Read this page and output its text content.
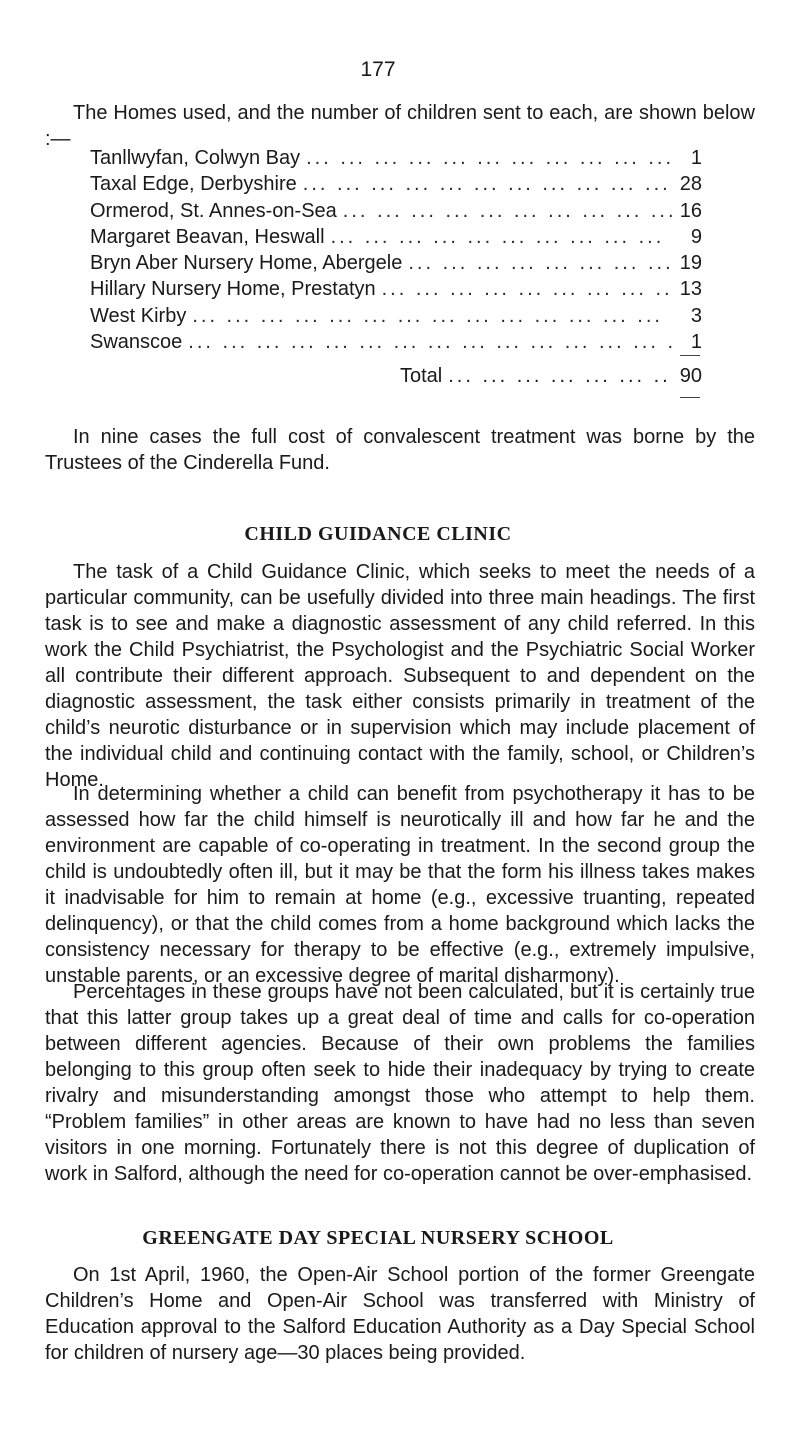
177
The Homes used, and the number of children sent to each, are shown below :—
Tanllwyfan, Colwyn Bay ... .	1
Taxal Edge, Derbyshire ... .	28
Ormerod, St. Annes-on-Sea ... .	16
Margaret Beavan, Heswall ... .	9
Bryn Aber Nursery Home, Abergele ... .	19
Hillary Nursery Home, Prestatyn ... .	13
West Kirby ... .	3
Swanscoe ... .	1
Total ... .	90
In nine cases the full cost of convalescent treatment was borne by the Trustees of the Cinderella Fund.
CHILD GUIDANCE CLINIC
The task of a Child Guidance Clinic, which seeks to meet the needs of a particular community, can be usefully divided into three main headings. The first task is to see and make a diagnostic assessment of any child referred. In this work the Child Psychiatrist, the Psychologist and the Psychiatric Social Worker all contribute their different approach. Subsequent to and dependent on the diagnostic assessment, the task either consists primarily in treatment of the child’s neurotic disturbance or in supervision which may include placement of the individual child and continuing contact with the family, school, or Children’s Home.
In determining whether a child can benefit from psychotherapy it has to be assessed how far the child himself is neurotically ill and how far he and the environment are capable of co-operating in treatment. In the second group the child is undoubtedly often ill, but it may be that the form his illness takes makes it inadvisable for him to remain at home (e.g., excessive truanting, repeated delinquency), or that the child comes from a home background which lacks the consistency necessary for therapy to be effective (e.g., extremely impulsive, unstable parents, or an excessive degree of marital disharmony).
Percentages in these groups have not been calculated, but it is certainly true that this latter group takes up a great deal of time and calls for co-operation between different agencies. Because of their own problems the families belonging to this group often seek to hide their inadequacy by trying to create rivalry and misunderstanding amongst those who attempt to help them. “Problem families” in other areas are known to have had no less than seven visitors in one morning. Fortunately there is not this degree of duplication of work in Salford, although the need for co-operation cannot be over-emphasised.
GREENGATE DAY SPECIAL NURSERY SCHOOL
On 1st April, 1960, the Open-Air School portion of the former Greengate Children’s Home and Open-Air School was transferred with Ministry of Education approval to the Salford Education Authority as a Day Special School for children of nursery age—30 places being provided.
